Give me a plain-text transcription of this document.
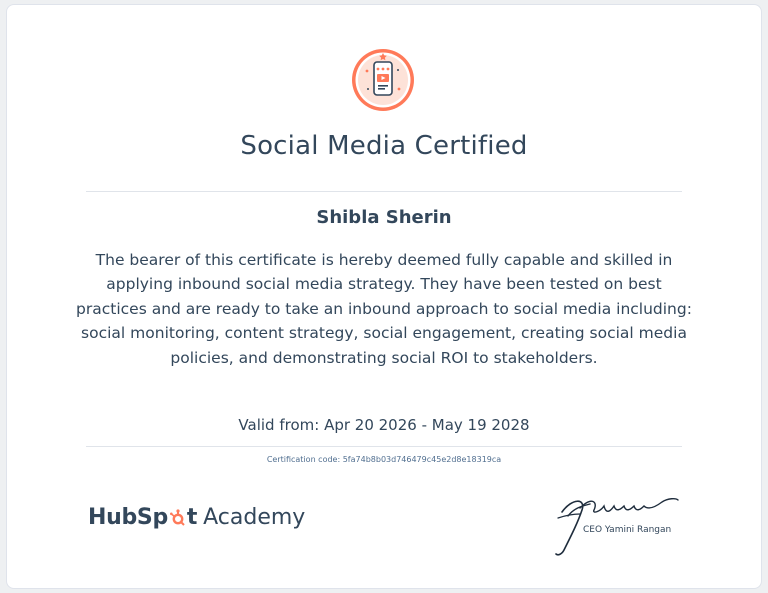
Social Media Certified
Shibla Sherin
The bearer of this certificate is hereby deemed fully capable and skilled in applying inbound social media strategy. They have been tested on best practices and are ready to take an inbound approach to social media including: social monitoring, content strategy, social engagement, creating social media policies, and demonstrating social ROI to stakeholders.
Valid from: Apr 20 2026 - May 19 2028
Certification code: 5fa74b8b03d746479c45e2d8e18319ca
HubSp t Academy	CEO Yamini Rangan
